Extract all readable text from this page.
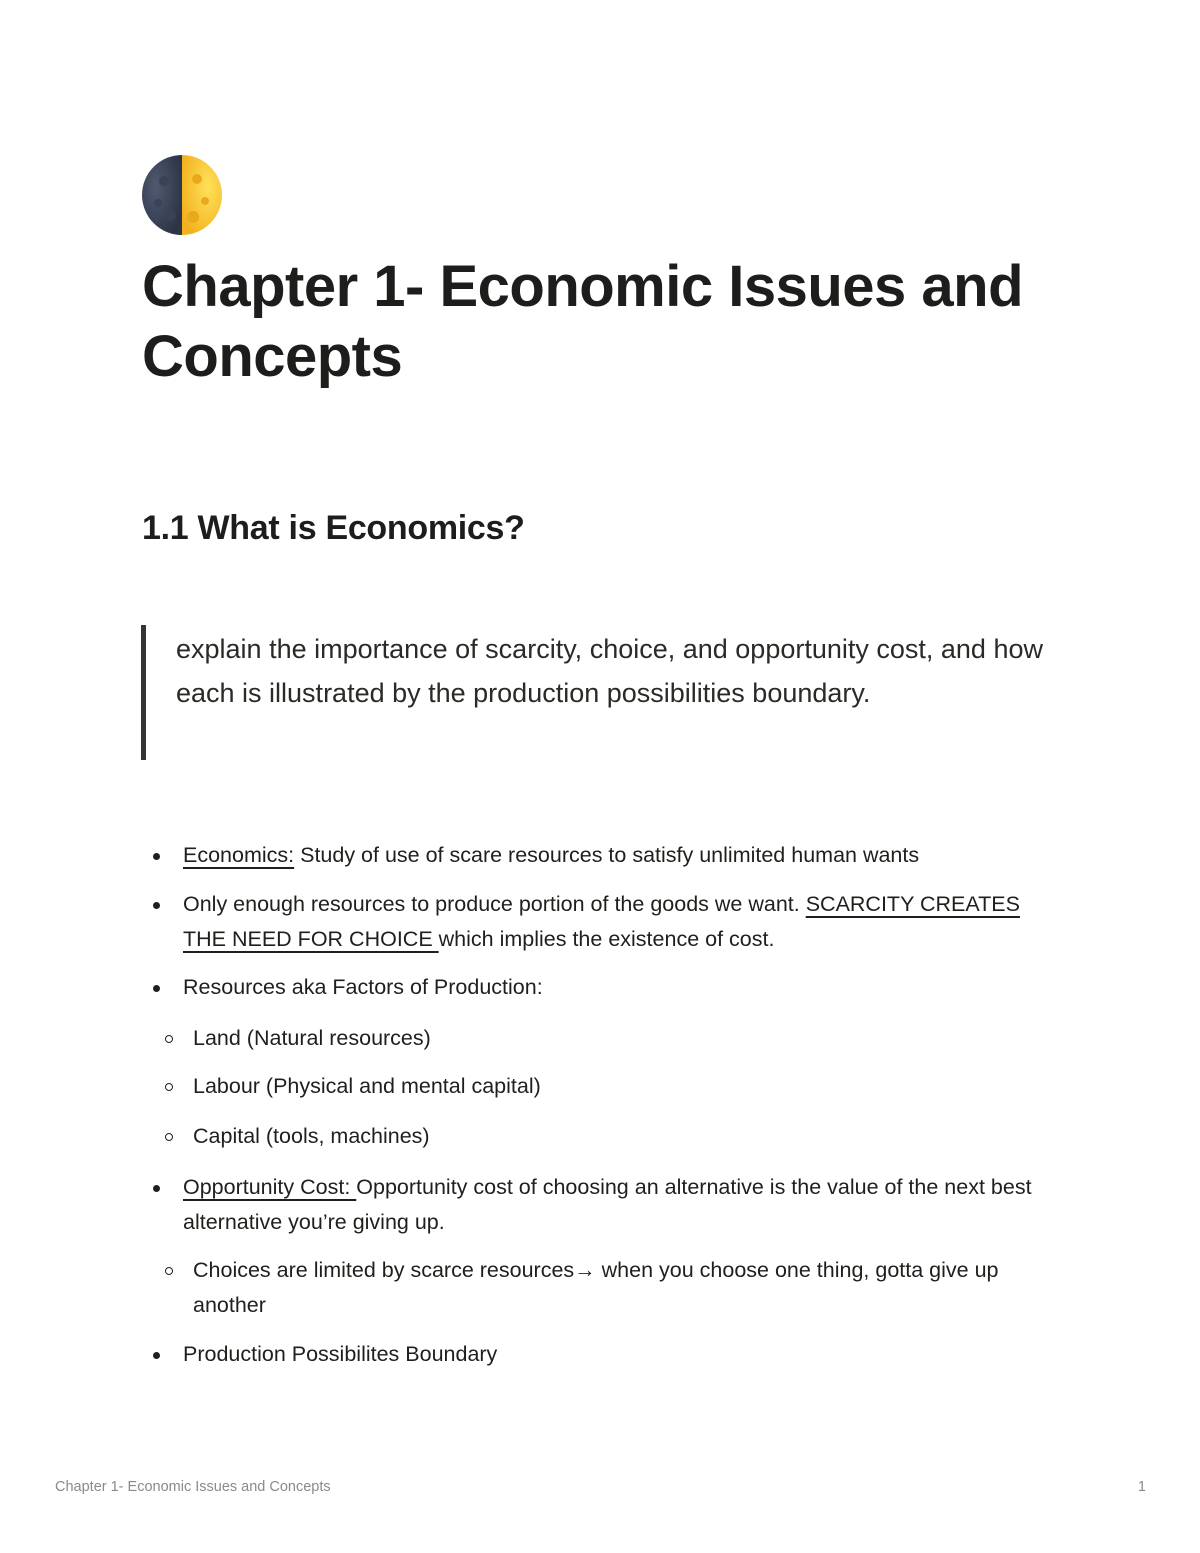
Chapter 1- Economic Issues and Concepts
1.1 What is Economics?

explain the importance of scarcity, choice, and opportunity cost, and how each is illustrated by the production possibilities boundary.

Economics: Study of use of scare resources to satisfy unlimited human wants
Only enough resources to produce portion of the goods we want. SCARCITY CREATES THE NEED FOR CHOICE which implies the existence of cost.
Resources aka Factors of Production:
Land (Natural resources)
Labour (Physical and mental capital)
Capital (tools, machines)
Opportunity Cost: Opportunity cost of choosing an alternative is the value of the next best alternative you’re giving up.
Choices are limited by scarce resources→ when you choose one thing, gotta give up another
Production Possibilites Boundary
Chapter 1- Economic Issues and Concepts	1
